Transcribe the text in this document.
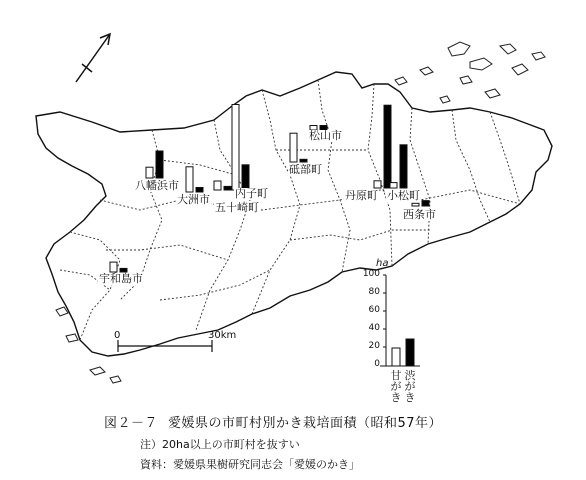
八幡浜市
大洲市 内子町
五十崎町
砥部町
松山市
丹原町 小松町
西条市
宇和島市
0	30km
ha
100
80
60
40
20
0
甘がき
渋がき
図２－７ 愛媛県の市町村別かき栽培面積（昭和57年）
注）20ha以上の市町村を抜すい
資料：愛媛県果樹研究同志会「愛媛のかき」
